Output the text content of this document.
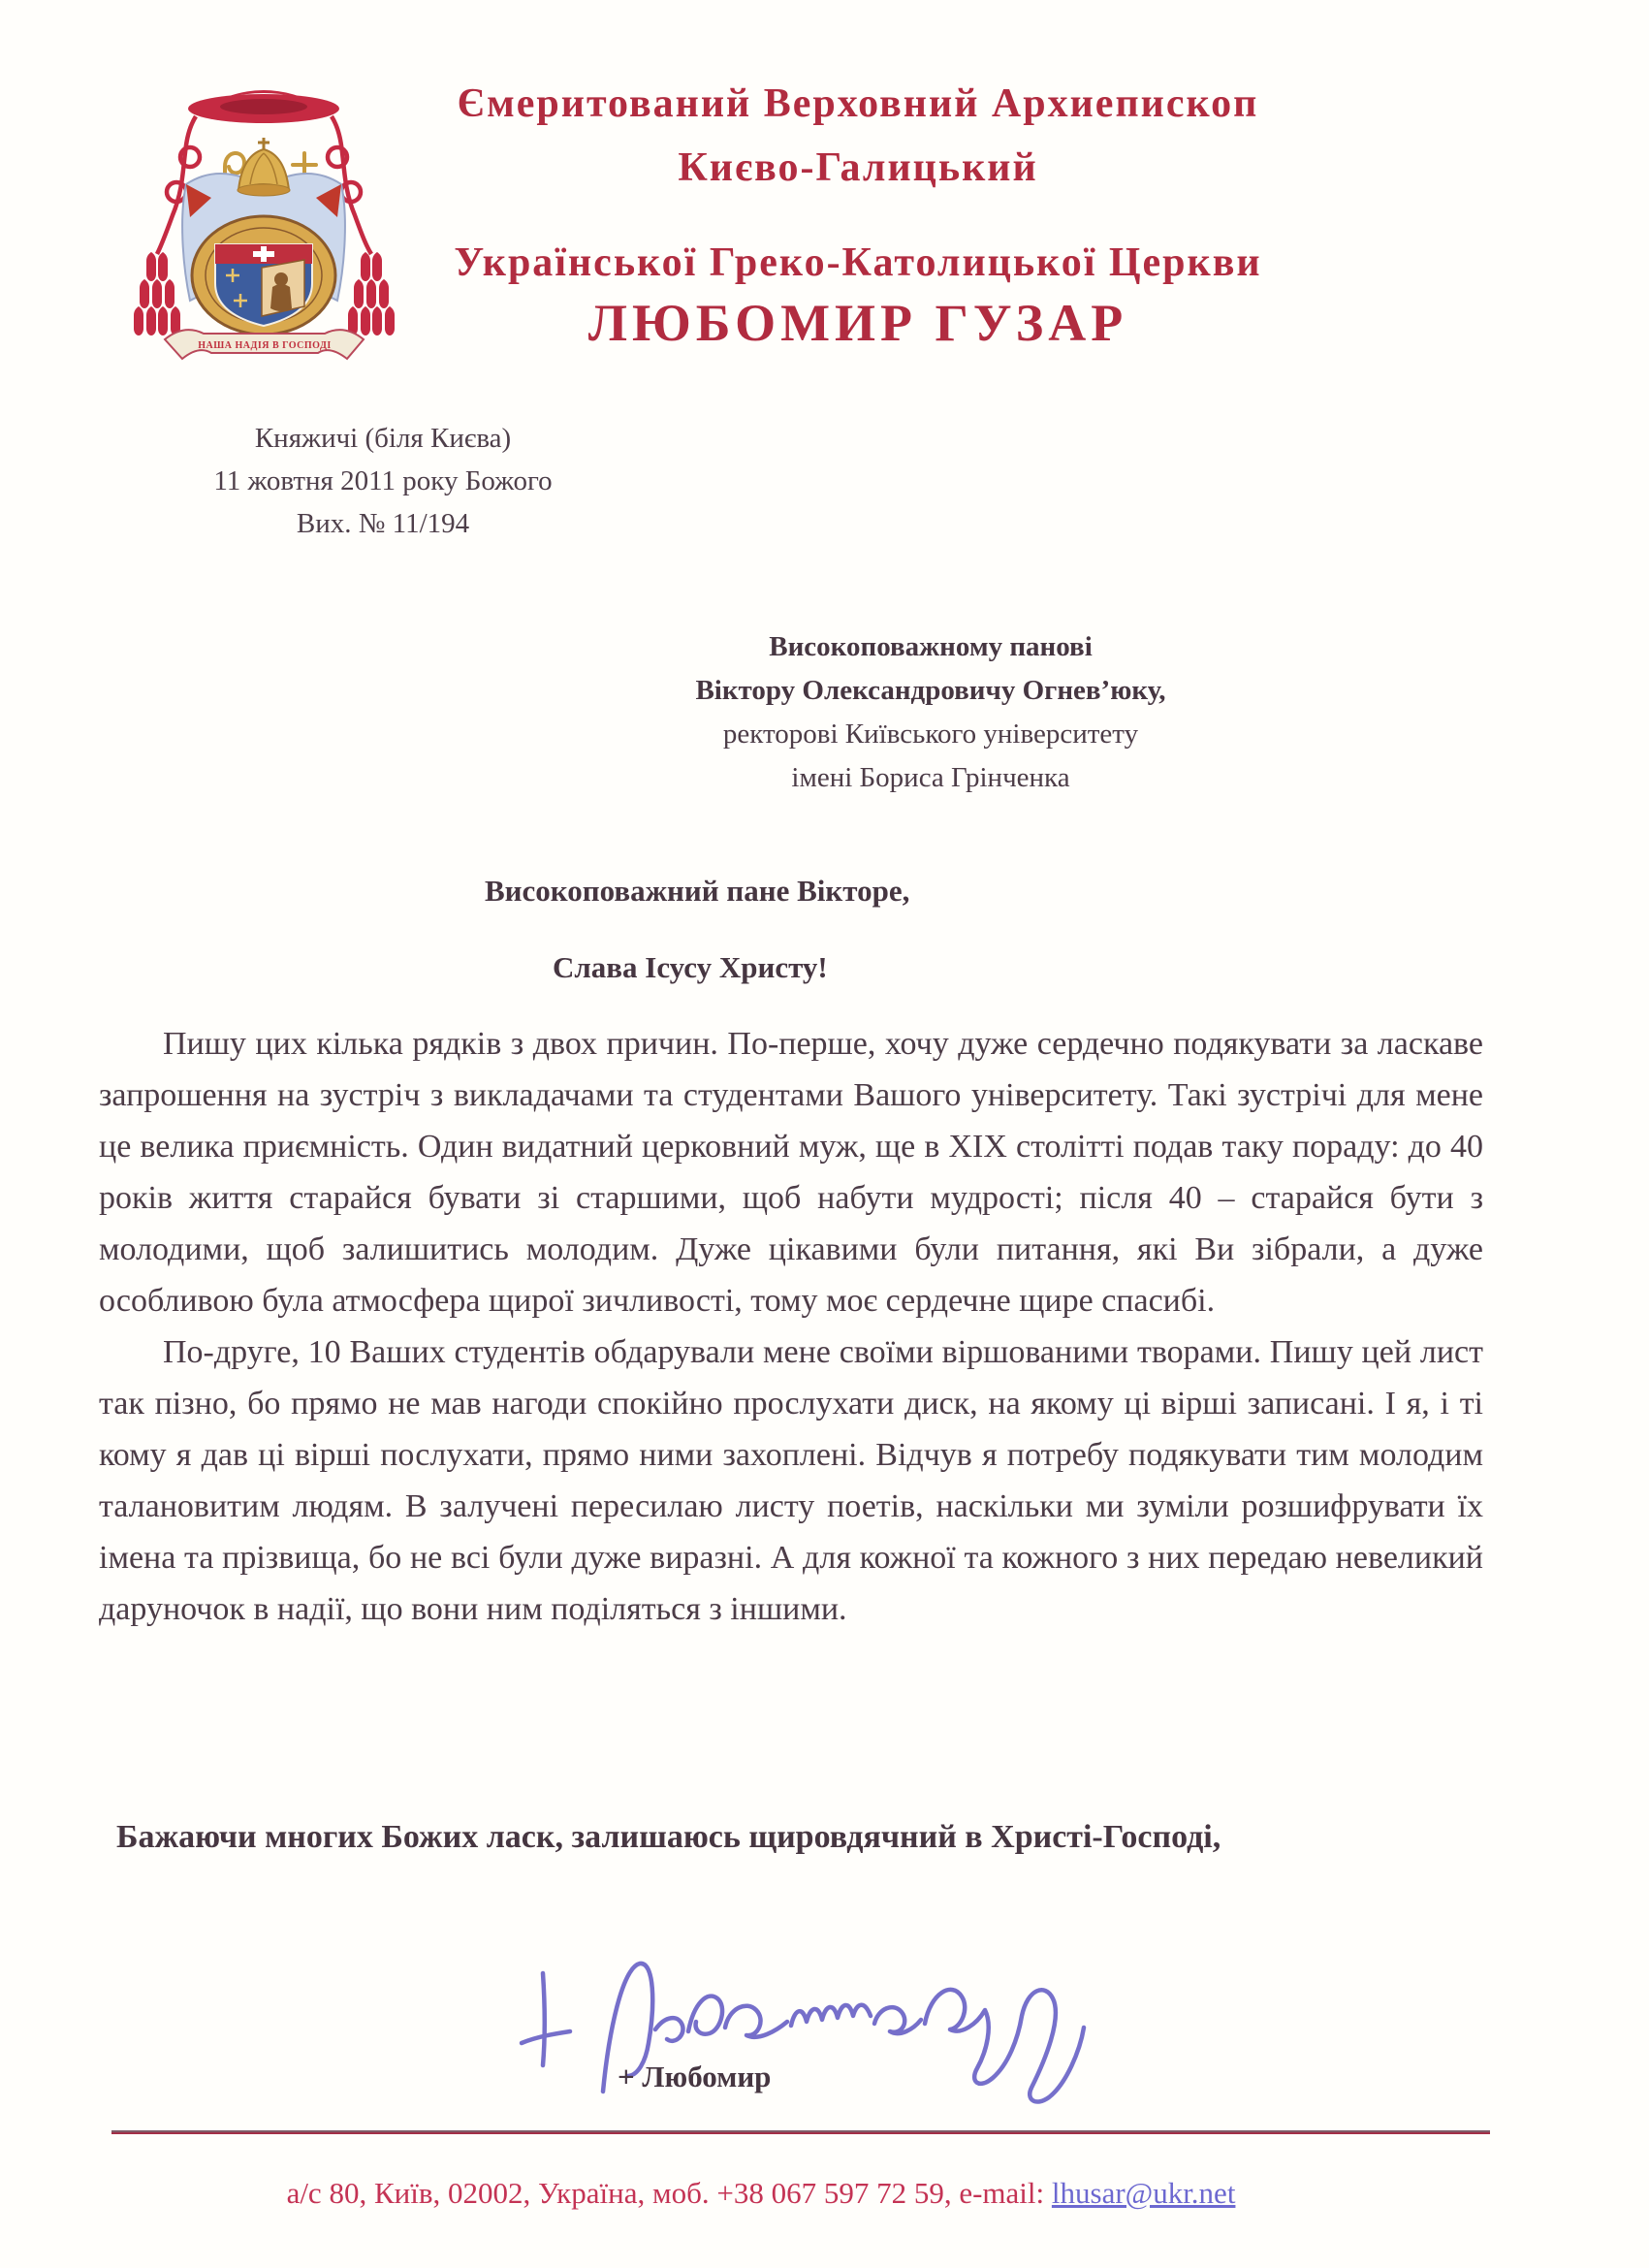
НАША НАДІЯ В ГОСПОДІ
Ємеритований Верховний Архиепископ
Києво-Галицький
Української Греко-Католицької Церкви
ЛЮБОМИР ГУЗАР
Княжичі (біля Києва)
11 жовтня 2011 року Божого
Вих. № 11/194
Високоповажному панові
Віктору Олександровичу Огнев’юку,
ректорові Київського університету
імені Бориса Грінченка
Високоповажний пане Вікторе,
Слава Ісусу Христу!

Пишу цих кілька рядків з двох причин. По-перше, хочу дуже сердечно подякувати за ласкаве запрошення на зустріч з викладачами та студентами Вашого університету. Такі зустрічі для мене це велика приємність. Один видатний церковний муж, ще в XIX столітті подав таку пораду: до 40 років життя старайся бувати зі старшими, щоб набути мудрості; після 40 – старайся бути з молодими, щоб залишитись молодим. Дуже цікавими були питання, які Ви зібрали, а дуже особливою була атмосфера щирої зичливості, тому моє сердечне щире спасибі.

По-друге, 10 Ваших студентів обдарували мене своїми віршованими творами. Пишу цей лист так пізно, бо прямо не мав нагоди спокійно прослухати диск, на якому ці вірші записані. І я, і ті кому я дав ці вірші послухати, прямо ними захоплені. Відчув я потребу подякувати тим молодим талановитим людям. В залучені пересилаю листу поетів, наскільки ми зуміли розшифрувати їх імена та прізвища, бо не всі були дуже виразні. А для кожної та кожного з них передаю невеликий даруночок в надії, що вони ним поділяться з іншими.

Бажаючи многих Божих ласк, залишаюсь щировдячний в Христі-Господі,
+ Любомир
а/с 80, Київ, 02002, Україна, моб. +38 067 597 72 59, e-mail: lhusar@ukr.net
